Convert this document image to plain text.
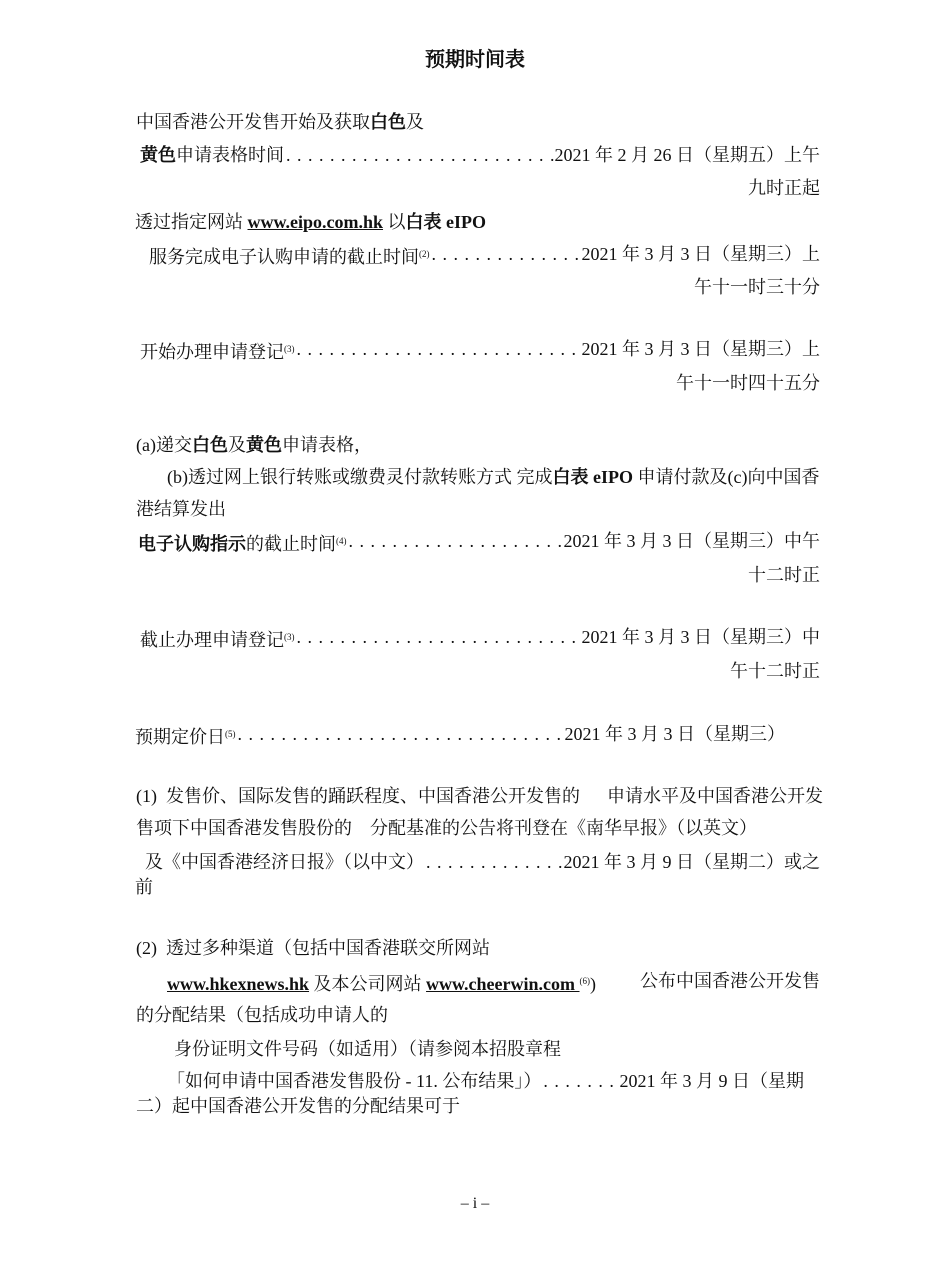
预期时间表
中国香港公开发售开始及获取白色及
黄色申请表格时间 . . .	2021 年 2 月 26 日（星期五）上午
九时正起
透过指定网站 www.eipo.com.hk 以白表 eIPO
服务完成电子认购申请的截止时间$^{(2)}$ . . .	2021 年 3 月 3 日（星期三）上
午十一时三十分
开始办理申请登记$^{(3)}$ . . .	2021 年 3 月 3 日（星期三）上
午十一时四十五分
(a)递交白色及黄色申请表格，
(b)透过网上银行转账或缴费灵付款转账方式 完成白表 eIPO 申请付款及(c)向中国香
港结算发出
电子认购指示的截止时间$^{(4)}$ . . .	2021 年 3 月 3 日（星期三）中午
十二时正
截止办理申请登记$^{(3)}$ . . .	2021 年 3 月 3 日（星期三）中
午十二时正
预期定价日$^{(5)}$ . . .	2021 年 3 月 3 日（星期三）
(1)  发售价、国际发售的踊跃程度、中国香港公开发售的      申请水平及中国香港公开发
售项下中国香港发售股份的    分配基准的公告将刊登在《南华早报》（以英文）
及《中国香港经济日报》（以中文） . . .	2021 年 3 月 9 日（星期二）或之
前
(2)  透过多种渠道（包括中国香港联交所网站
www.hkexnews.hk 及本公司网站 www.cheerwin.com $^{(6)}$) 公布中国香港公开发售
的分配结果（包括成功申请人的
身份证明文件号码（如适用）（请参阅本招股章程
「如何申请中国香港发售股份 - 11. 公布结果」） . . .	2021 年 3 月 9 日（星期
二）起中国香港公开发售的分配结果可于
– i –
